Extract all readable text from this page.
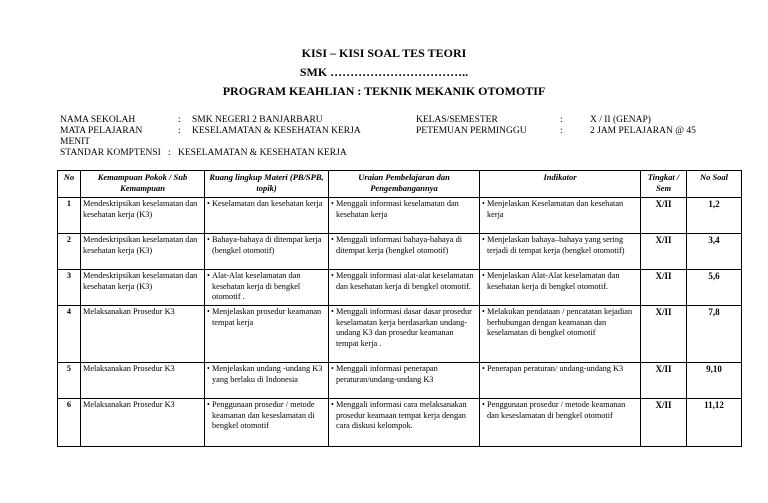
KISI – KISI SOAL TES TEORI
SMK ……………………………..
PROGRAM KEAHLIAN : TEKNIK MEKANIK OTOMOTIF
NAMA SEKOLAH	: SMK NEGERI 2 BANJARBARU	KELAS/SEMESTER	:	X / II (GENAP)
MATA PELAJARAN	: KESELAMATAN & KESEHATAN KERJA	PETEMUAN PERMINGGU	:	2 JAM PELAJARAN @ 45
MENIT
STANDAR KOMPTENSI : KESELAMATAN & KESEHATAN KERJA
No	Kemampuan Pokok / Sub Kemampuan	Ruang lingkup Materi (PB/SPB, topik)	Uraian Pembelajaran dan Pengembangannya	Indikator	Tingkat / Sem	No Soal
1	Mendeskripsikan keselamatan dan kesehatan kerja (K3)	• Keselamatan dan kesehatan kerja	• Menggali informasi keselamatan dan kesehatan kerja	• Menjelaskan Keselamatan dan kesehatan kerja	X/II	1,2
2	Mendeskripsikan keselamatan dan kesehatan kerja (K3)	• Bahaya-bahaya di ditempat kerja (bengkel otomotif)	• Menggali informasi bahaya-bahaya di ditempat kerja (bengkel otomotif)	• Menjelaskan bahaya–bahaya yang sering terjadi di tempat kerja (bengkel otomotif)	X/II	3,4
3	Mendeskripsikan keselamatan dan kesehatan kerja (K3)	• Alat-Alat keselamatan dan kesehatan kerja di bengkel otomotif .	• Menggali informasi alat-alat keselamatan dan kesehatan kerja di bengkel otomotif.	• Menjelaskan Alat-Alat keselamatan dan kesehatan kerja di bengkel otomotif.	X/II	5,6
4	Melaksanakan Prosedur K3	• Menjelaskan prosedur keamanan tempat kerja	• Menggali informasi dasar dasar prosedur keselamatan kerja berdasarkan undang- undang K3 dan prosedur keamanan tempat kerja .	• Melakukan pendataan / pencatatan kejadian berhubungan dengan keamanan dan keselamatan di bengkel otomotif	X/II	7,8
5	Melaksanakan Prosedur K3	• Menjelaskan undang -undang K3 yang berlaku di Indonesia	• Menggali informasi penerapan peraturan/undang-undang K3	• Penerapan peraturan/ undang-undang K3	X/II	9,10
6	Melaksanakan Prosedur K3	• Penggunaan prosedur / metode keamanan dan keseslamatan di bengkel otomotif	• Menggali informasi cara melaksanakan prosedur keamaan tempat kerja dengan cara diskusi kelompok.	• Penggunaan prosedur / metode keamanan dan keseslamatan di bengkel otomotif	X/II	11,12
